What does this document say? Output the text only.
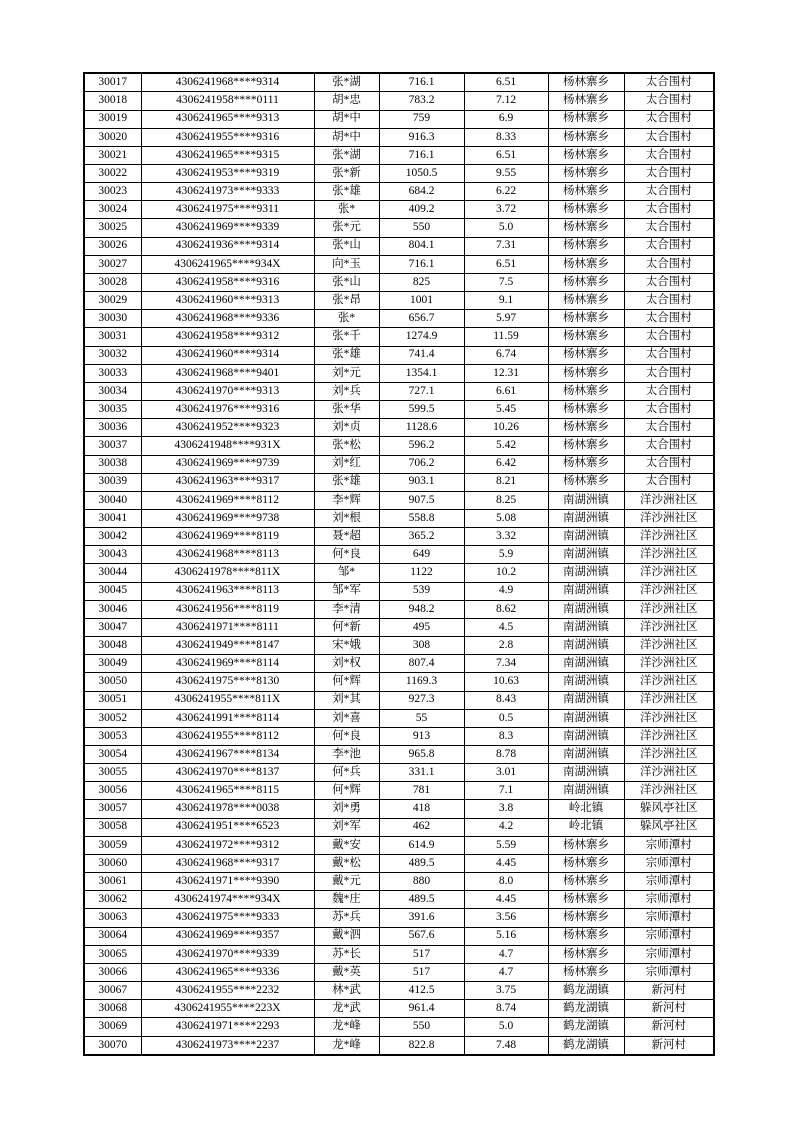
30017	4306241968****9314	张*湖	716.1	6.51	杨林寨乡	太合围村
30018	4306241958****0111	胡*忠	783.2	7.12	杨林寨乡	太合围村
30019	4306241965****9313	胡*中	759	6.9	杨林寨乡	太合围村
30020	4306241955****9316	胡*中	916.3	8.33	杨林寨乡	太合围村
30021	4306241965****9315	张*湖	716.1	6.51	杨林寨乡	太合围村
30022	4306241953****9319	张*新	1050.5	9.55	杨林寨乡	太合围村
30023	4306241973****9333	张*雄	684.2	6.22	杨林寨乡	太合围村
30024	4306241975****9311	张*	409.2	3.72	杨林寨乡	太合围村
30025	4306241969****9339	张*元	550	5.0	杨林寨乡	太合围村
30026	4306241936****9314	张*山	804.1	7.31	杨林寨乡	太合围村
30027	4306241965****934X	向*玉	716.1	6.51	杨林寨乡	太合围村
30028	4306241958****9316	张*山	825	7.5	杨林寨乡	太合围村
30029	4306241960****9313	张*昂	1001	9.1	杨林寨乡	太合围村
30030	4306241968****9336	张*	656.7	5.97	杨林寨乡	太合围村
30031	4306241958****9312	张*千	1274.9	11.59	杨林寨乡	太合围村
30032	4306241960****9314	张*雄	741.4	6.74	杨林寨乡	太合围村
30033	4306241968****9401	刘*元	1354.1	12.31	杨林寨乡	太合围村
30034	4306241970****9313	刘*兵	727.1	6.61	杨林寨乡	太合围村
30035	4306241976****9316	张*华	599.5	5.45	杨林寨乡	太合围村
30036	4306241952****9323	刘*贞	1128.6	10.26	杨林寨乡	太合围村
30037	4306241948****931X	张*松	596.2	5.42	杨林寨乡	太合围村
30038	4306241969****9739	刘*红	706.2	6.42	杨林寨乡	太合围村
30039	4306241963****9317	张*雄	903.1	8.21	杨林寨乡	太合围村
30040	4306241969****8112	李*辉	907.5	8.25	南湖洲镇	洋沙洲社区
30041	4306241969****9738	刘*根	558.8	5.08	南湖洲镇	洋沙洲社区
30042	4306241969****8119	聂*超	365.2	3.32	南湖洲镇	洋沙洲社区
30043	4306241968****8113	何*良	649	5.9	南湖洲镇	洋沙洲社区
30044	4306241978****811X	邹*	1122	10.2	南湖洲镇	洋沙洲社区
30045	4306241963****8113	邹*军	539	4.9	南湖洲镇	洋沙洲社区
30046	4306241956****8119	李*清	948.2	8.62	南湖洲镇	洋沙洲社区
30047	4306241971****8111	何*新	495	4.5	南湖洲镇	洋沙洲社区
30048	4306241949****8147	宋*娥	308	2.8	南湖洲镇	洋沙洲社区
30049	4306241969****8114	刘*权	807.4	7.34	南湖洲镇	洋沙洲社区
30050	4306241975****8130	何*辉	1169.3	10.63	南湖洲镇	洋沙洲社区
30051	4306241955****811X	刘*其	927.3	8.43	南湖洲镇	洋沙洲社区
30052	4306241991****8114	刘*喜	55	0.5	南湖洲镇	洋沙洲社区
30053	4306241955****8112	何*良	913	8.3	南湖洲镇	洋沙洲社区
30054	4306241967****8134	李*池	965.8	8.78	南湖洲镇	洋沙洲社区
30055	4306241970****8137	何*兵	331.1	3.01	南湖洲镇	洋沙洲社区
30056	4306241965****8115	何*辉	781	7.1	南湖洲镇	洋沙洲社区
30057	4306241978****0038	刘*勇	418	3.8	岭北镇	躲风亭社区
30058	4306241951****6523	刘*军	462	4.2	岭北镇	躲风亭社区
30059	4306241972****9312	戴*安	614.9	5.59	杨林寨乡	宗师潭村
30060	4306241968****9317	戴*松	489.5	4.45	杨林寨乡	宗师潭村
30061	4306241971****9390	戴*元	880	8.0	杨林寨乡	宗师潭村
30062	4306241974****934X	魏*庄	489.5	4.45	杨林寨乡	宗师潭村
30063	4306241975****9333	苏*兵	391.6	3.56	杨林寨乡	宗师潭村
30064	4306241969****9357	戴*泗	567.6	5.16	杨林寨乡	宗师潭村
30065	4306241970****9339	苏*长	517	4.7	杨林寨乡	宗师潭村
30066	4306241965****9336	戴*英	517	4.7	杨林寨乡	宗师潭村
30067	4306241955****2232	林*武	412.5	3.75	鹤龙湖镇	新河村
30068	4306241955****223X	龙*武	961.4	8.74	鹤龙湖镇	新河村
30069	4306241971****2293	龙*峰	550	5.0	鹤龙湖镇	新河村
30070	4306241973****2237	龙*峰	822.8	7.48	鹤龙湖镇	新河村
